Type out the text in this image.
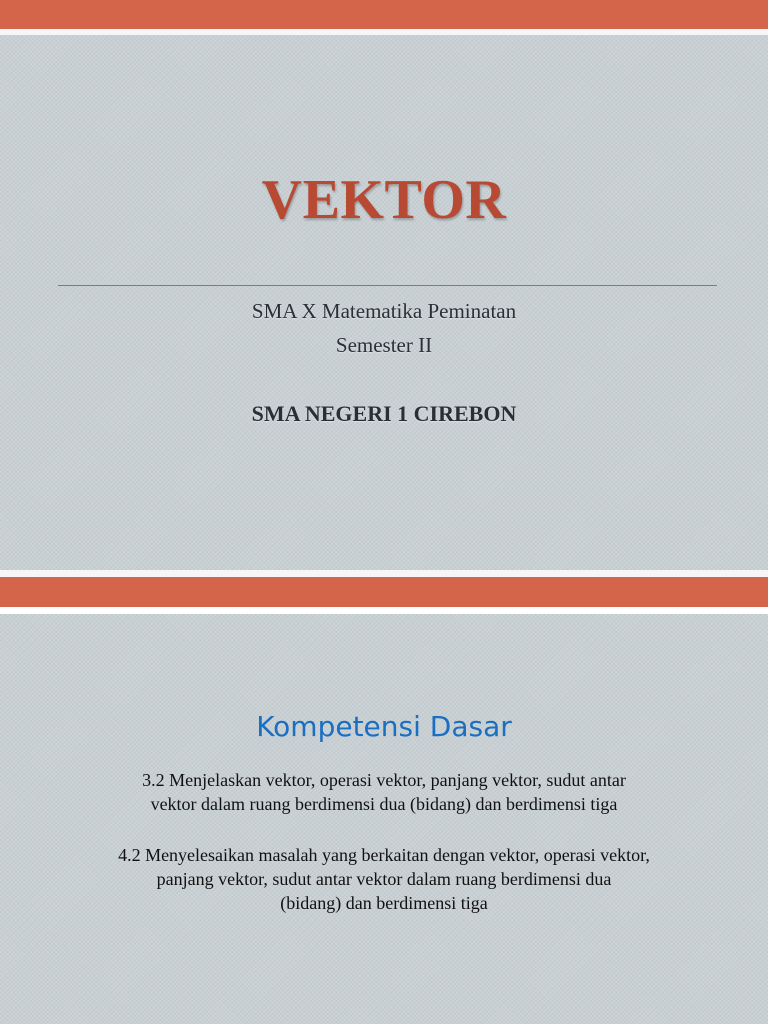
VEKTOR
SMA X Matematika Peminatan
Semester II
SMA NEGERI 1 CIREBON
Kompetensi Dasar
3.2 Menjelaskan vektor, operasi vektor, panjang vektor, sudut antar
vektor dalam ruang berdimensi dua (bidang) dan berdimensi tiga
4.2 Menyelesaikan masalah yang berkaitan dengan vektor, operasi vektor,
panjang vektor, sudut antar vektor dalam ruang berdimensi dua
(bidang) dan berdimensi tiga
